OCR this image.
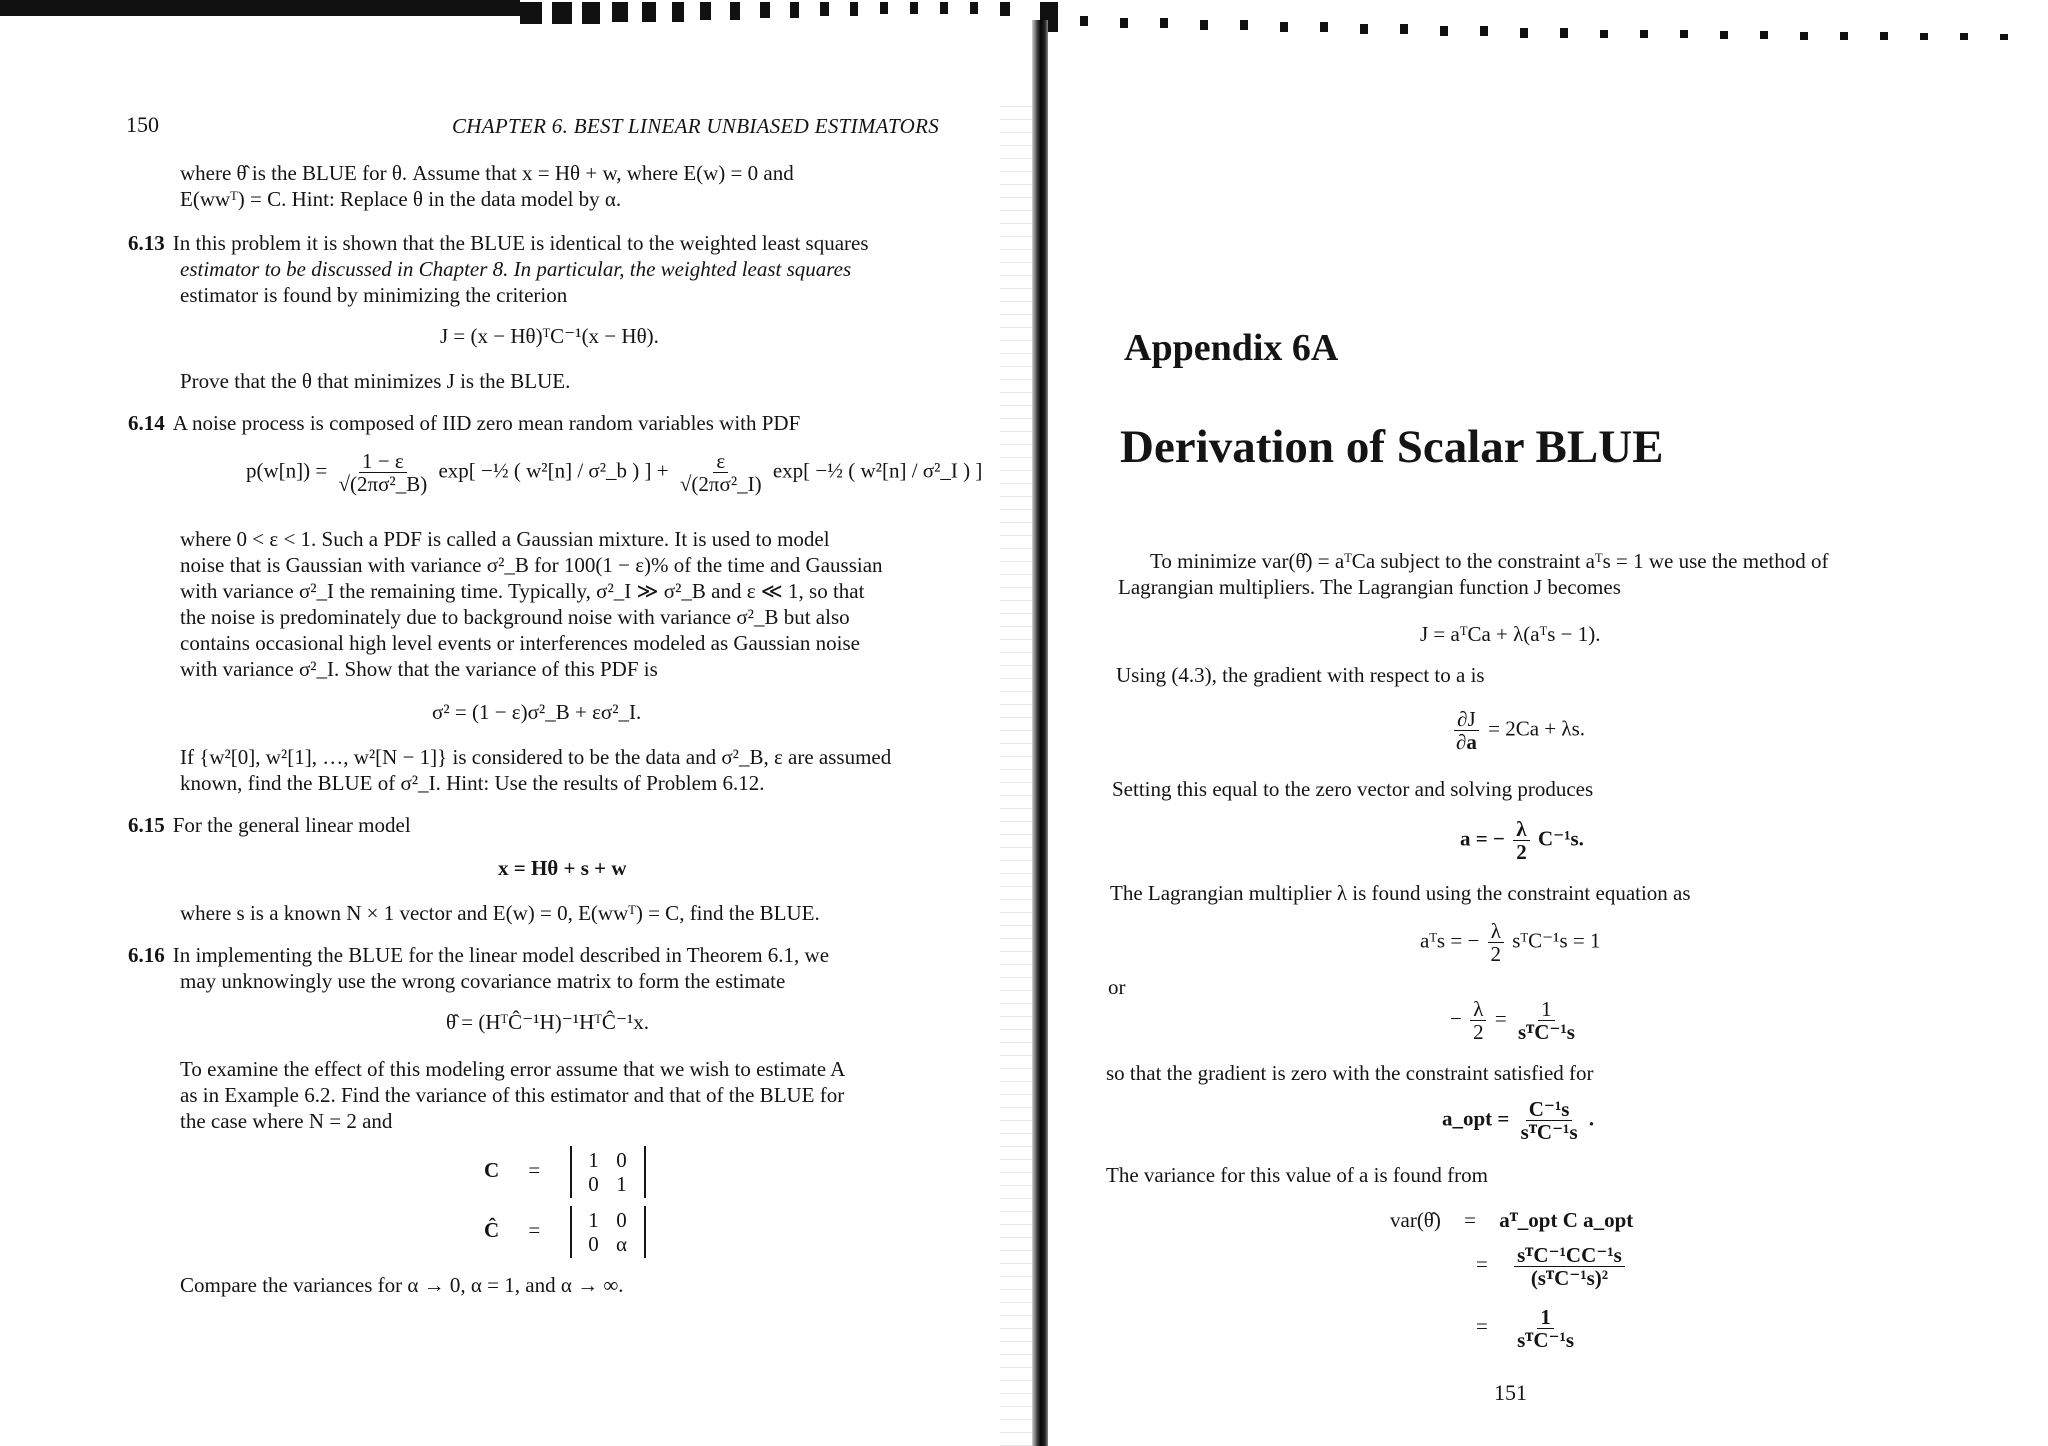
150	CHAPTER 6. BEST LINEAR UNBIASED ESTIMATORS
where θ̂ is the BLUE for θ. Assume that x = Hθ + w, where E(w) = 0 and
E(wwᵀ) = C. Hint: Replace θ in the data model by α.
6.13 In this problem it is shown that the BLUE is identical to the weighted least squares
estimator to be discussed in Chapter 8. In particular, the weighted least squares
estimator is found by minimizing the criterion
J = (x − Hθ)ᵀC⁻¹(x − Hθ).
Prove that the θ that minimizes J is the BLUE.
6.14 A noise process is composed of IID zero mean random variables with PDF
$p(w[n]) = \frac{1 - \varepsilon}{\text{√(2πσ²\_B)}} \exp$[ −½ ( w²[n] / σ²_b ) ] + $\frac{\varepsilon}{\text{√(2πσ²\_I)}} \exp$[ −½ ( w²[n] / σ²_I ) ]
where 0 < ε < 1. Such a PDF is called a Gaussian mixture. It is used to model
noise that is Gaussian with variance σ²_B for 100(1 − ε)% of the time and Gaussian
with variance σ²_I the remaining time. Typically, σ²_I ≫ σ²_B and ε ≪ 1, so that
the noise is predominately due to background noise with variance σ²_B but also
contains occasional high level events or interferences modeled as Gaussian noise
with variance σ²_I. Show that the variance of this PDF is
σ² = (1 − ε)σ²_B + εσ²_I.
If {w²[0], w²[1], …, w²[N − 1]} is considered to be the data and σ²_B, ε are assumed
known, find the BLUE of σ²_I. Hint: Use the results of Problem 6.12.
6.15 For the general linear model
x = Hθ + s + w
where s is a known N × 1 vector and E(w) = 0, E(wwᵀ) = C, find the BLUE.
6.16 In implementing the BLUE for the linear model described in Theorem 6.1, we
may unknowingly use the wrong covariance matrix to form the estimate
θ̂ = (HᵀĈ⁻¹H)⁻¹HᵀĈ⁻¹x.
To examine the effect of this modeling error assume that we wish to estimate A
as in Example 6.2. Find the variance of this estimator and that of the BLUE for
the case where N = 2 and
C = 1 0
0 1
Ĉ = 1 0
0 α
Compare the variances for α → 0, α = 1, and α → ∞.
Appendix 6A
Derivation of Scalar BLUE
To minimize var(θ̂) = aᵀCa subject to the constraint aᵀs = 1 we use the method of
Lagrangian multipliers. The Lagrangian function J becomes
J = aᵀCa + λ(aᵀs − 1).
Using (4.3), the gradient with respect to a is
$\frac{\partial J}{\partial a} = 2Ca + \lambda s$.
Setting this equal to the zero vector and solving produces
a = − $\frac{\lambda}{2} C^{-1}s$.
The Lagrangian multiplier λ is found using the constraint equation as
aᵀs = − $\frac{\lambda}{2}$ sᵀC⁻¹s = 1
or
− $\frac{\lambda}{2} = \frac{1}{\text{sᵀC⁻¹s}}$
so that the gradient is zero with the constraint satisfied for
a_opt = $\frac{\text{C⁻¹s}}{\text{sᵀC⁻¹s}}$ .
The variance for this value of a is found from
var(θ̂) = aᵀ_opt C a_opt
= $\frac{\text{sᵀC⁻¹CC⁻¹s}}{\text{(sᵀC⁻¹s)²}}$
= $\frac{1}{\text{sᵀC⁻¹s}}$
151
